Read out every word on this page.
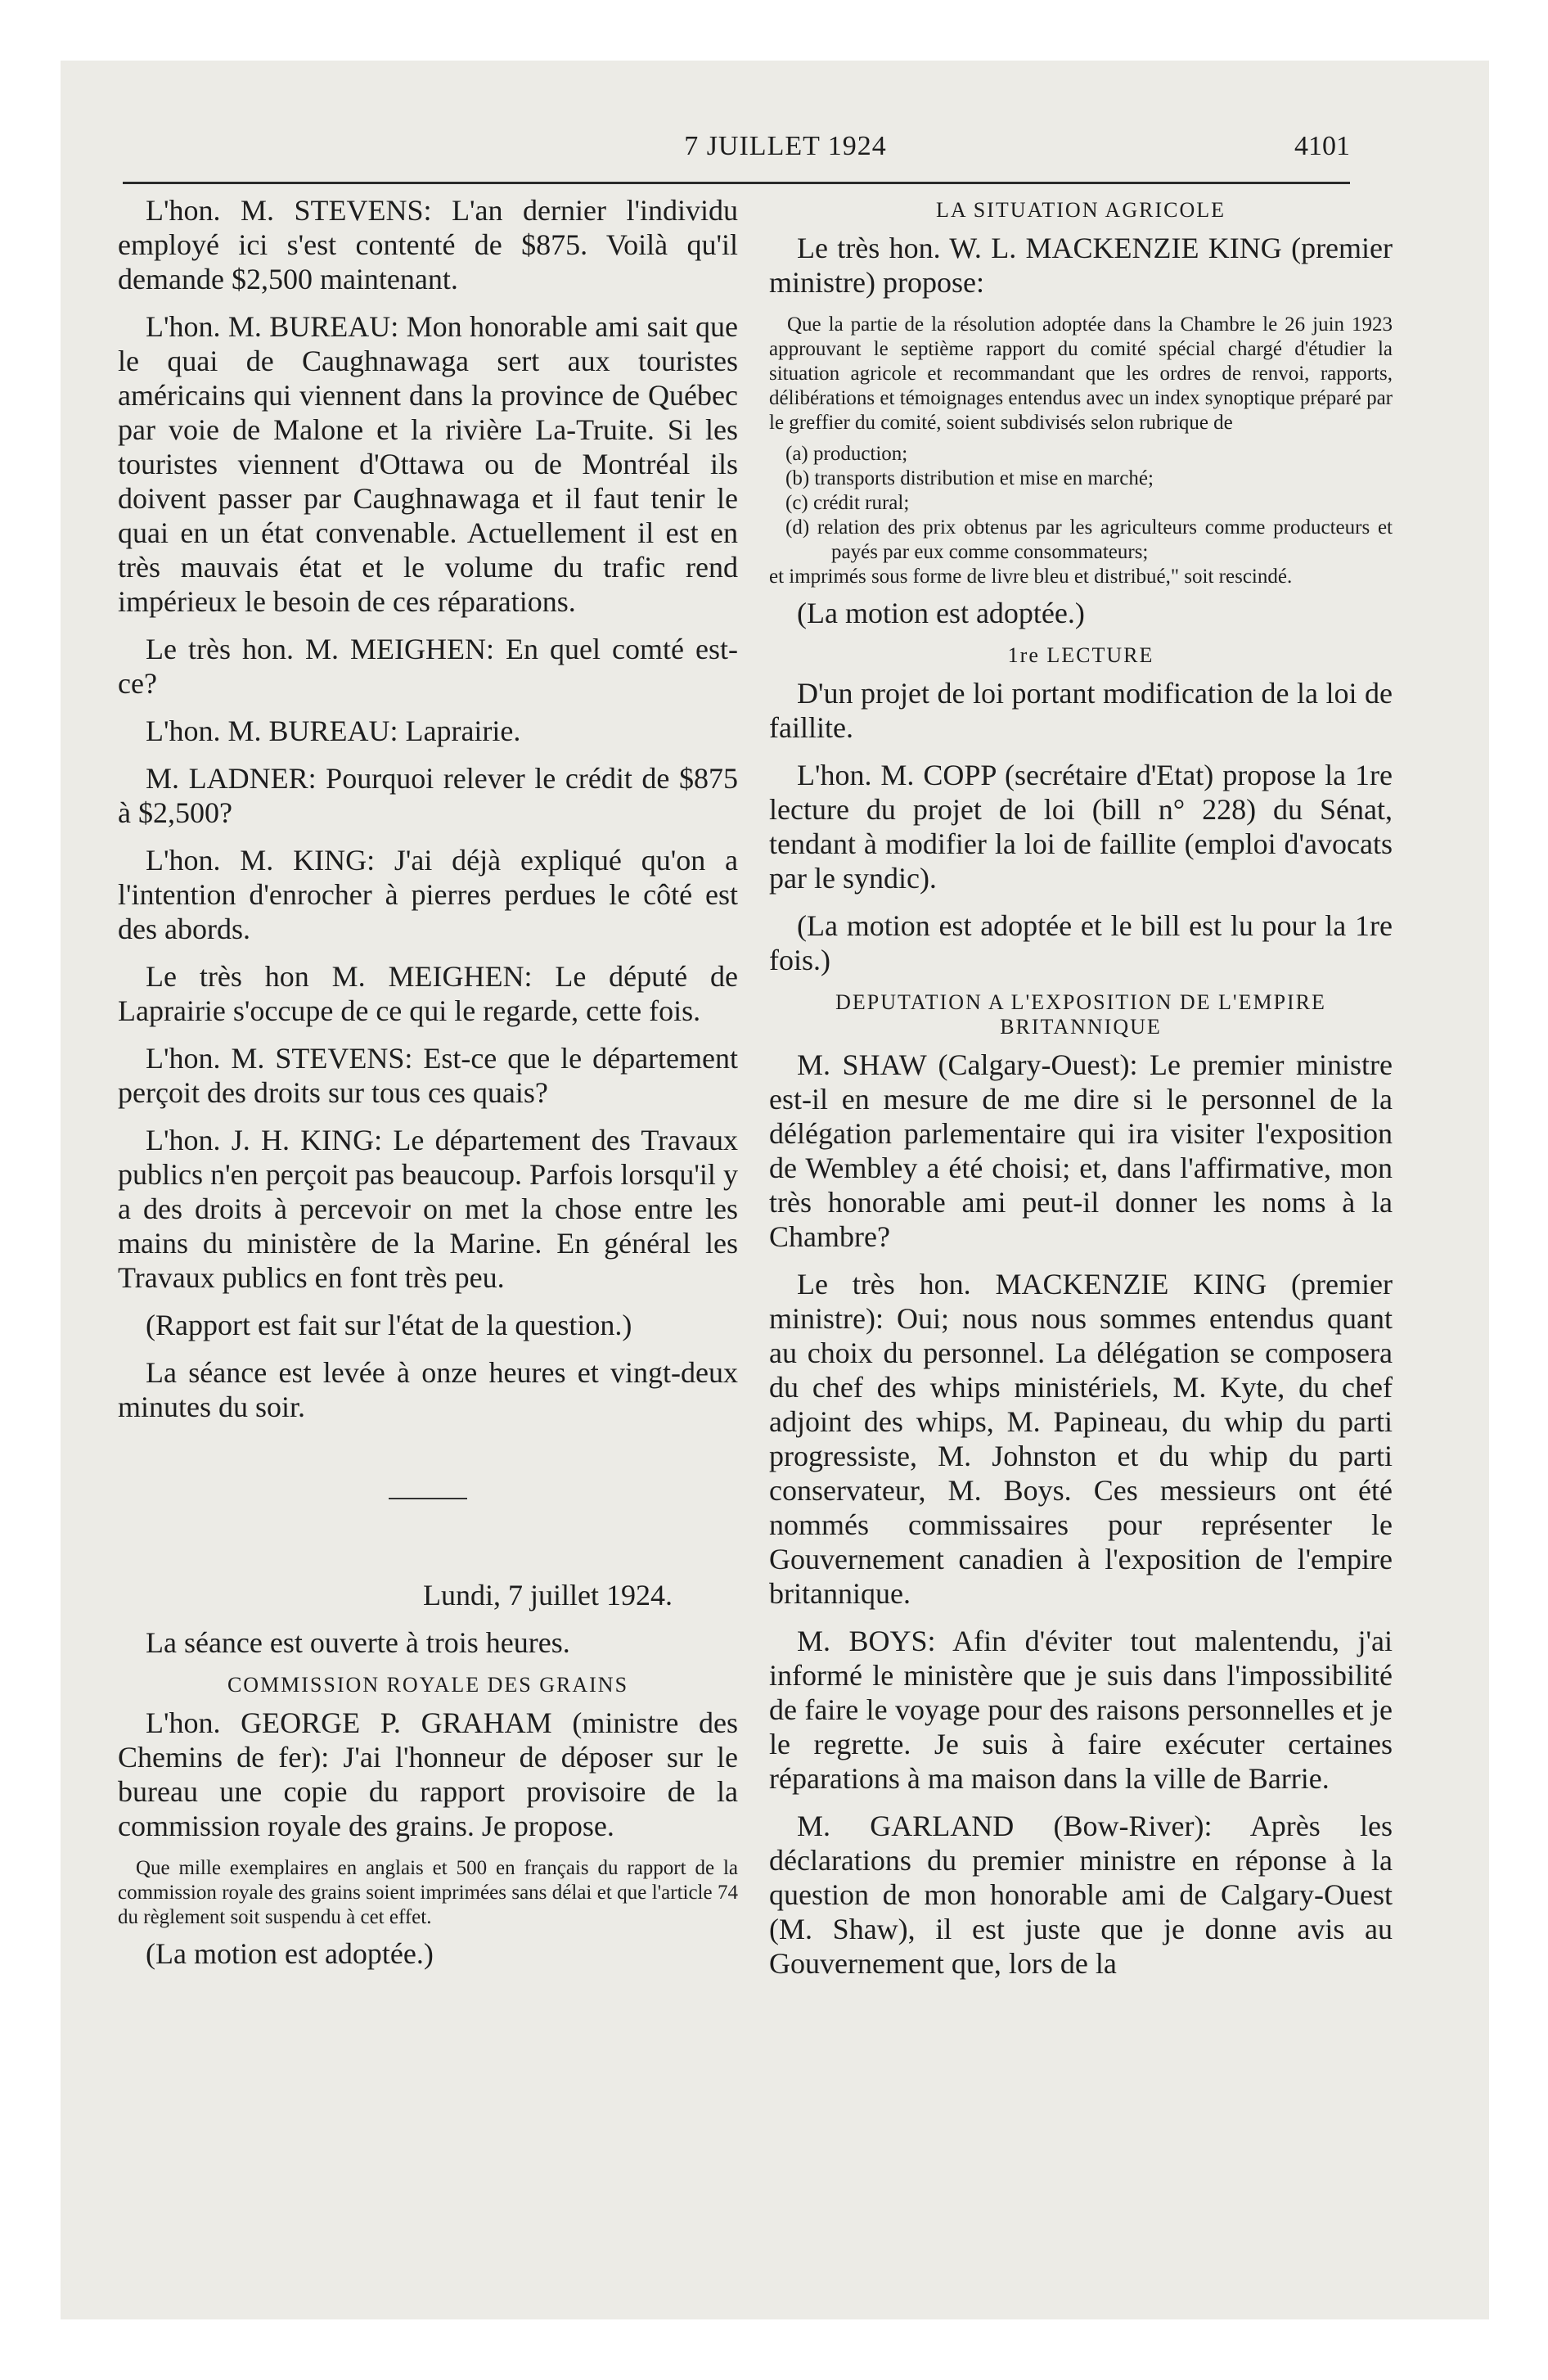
7 JUILLET 1924	4101

L'hon. M. STEVENS: L'an dernier l'individu employé ici s'est contenté de $875. Voilà qu'il demande $2,500 maintenant.

L'hon. M. BUREAU: Mon honorable ami sait que le quai de Caughnawaga sert aux touristes américains qui viennent dans la province de Québec par voie de Malone et la rivière La-Truite. Si les touristes viennent d'Ottawa ou de Montréal ils doivent passer par Caughnawaga et il faut tenir le quai en un état convenable. Actuellement il est en très mauvais état et le volume du trafic rend impérieux le besoin de ces réparations.

Le très hon. M. MEIGHEN: En quel comté est-ce?

L'hon. M. BUREAU: Laprairie.

M. LADNER: Pourquoi relever le crédit de $875 à $2,500?

L'hon. M. KING: J'ai déjà expliqué qu'on a l'intention d'enrocher à pierres perdues le côté est des abords.

Le très hon M. MEIGHEN: Le député de Laprairie s'occupe de ce qui le regarde, cette fois.

L'hon. M. STEVENS: Est-ce que le département perçoit des droits sur tous ces quais?

L'hon. J. H. KING: Le département des Travaux publics n'en perçoit pas beaucoup. Parfois lorsqu'il y a des droits à percevoir on met la chose entre les mains du ministère de la Marine. En général les Travaux publics en font très peu.

(Rapport est fait sur l'état de la question.)

La séance est levée à onze heures et vingt-deux minutes du soir.

Lundi, 7 juillet 1924.

La séance est ouverte à trois heures.

COMMISSION ROYALE DES GRAINS

L'hon. GEORGE P. GRAHAM (ministre des Chemins de fer): J'ai l'honneur de déposer sur le bureau une copie du rapport provisoire de la commission royale des grains. Je propose.

Que mille exemplaires en anglais et 500 en français du rapport de la commission royale des grains soient imprimées sans délai et que l'article 74 du règlement soit suspendu à cet effet.

(La motion est adoptée.)

LA SITUATION AGRICOLE

Le très hon. W. L. MACKENZIE KING (premier ministre) propose:

Que la partie de la résolution adoptée dans la Chambre le 26 juin 1923 approuvant le septième rapport du comité spécial chargé d'étudier la situation agricole et recommandant que les ordres de renvoi, rapports, délibérations et témoignages entendus avec un index synoptique préparé par le greffier du comité, soient subdivisés selon rubrique de

(a) production;
(b) transports distribution et mise en marché;
(c) crédit rural;
(d) relation des prix obtenus par les agriculteurs comme producteurs et payés par eux comme consommateurs;

et imprimés sous forme de livre bleu et distribué," soit rescindé.

(La motion est adoptée.)

1re LECTURE

D'un projet de loi portant modification de la loi de faillite.

L'hon. M. COPP (secrétaire d'Etat) propose la 1re lecture du projet de loi (bill n° 228) du Sénat, tendant à modifier la loi de faillite (emploi d'avocats par le syndic).

(La motion est adoptée et le bill est lu pour la 1re fois.)

DEPUTATION A L'EXPOSITION DE L'EMPIRE BRITANNIQUE

M. SHAW (Calgary-Ouest): Le premier ministre est-il en mesure de me dire si le personnel de la délégation parlementaire qui ira visiter l'exposition de Wembley a été choisi; et, dans l'affirmative, mon très honorable ami peut-il donner les noms à la Chambre?

Le très hon. MACKENZIE KING (premier ministre): Oui; nous nous sommes entendus quant au choix du personnel. La délégation se composera du chef des whips ministériels, M. Kyte, du chef adjoint des whips, M. Papineau, du whip du parti progressiste, M. Johnston et du whip du parti conservateur, M. Boys. Ces messieurs ont été nommés commissaires pour représenter le Gouvernement canadien à l'exposition de l'empire britannique.

M. BOYS: Afin d'éviter tout malentendu, j'ai informé le ministère que je suis dans l'impossibilité de faire le voyage pour des raisons personnelles et je le regrette. Je suis à faire exécuter certaines réparations à ma maison dans la ville de Barrie.

M. GARLAND (Bow-River): Après les déclarations du premier ministre en réponse à la question de mon honorable ami de Calgary-Ouest (M. Shaw), il est juste que je donne avis au Gouvernement que, lors de la
